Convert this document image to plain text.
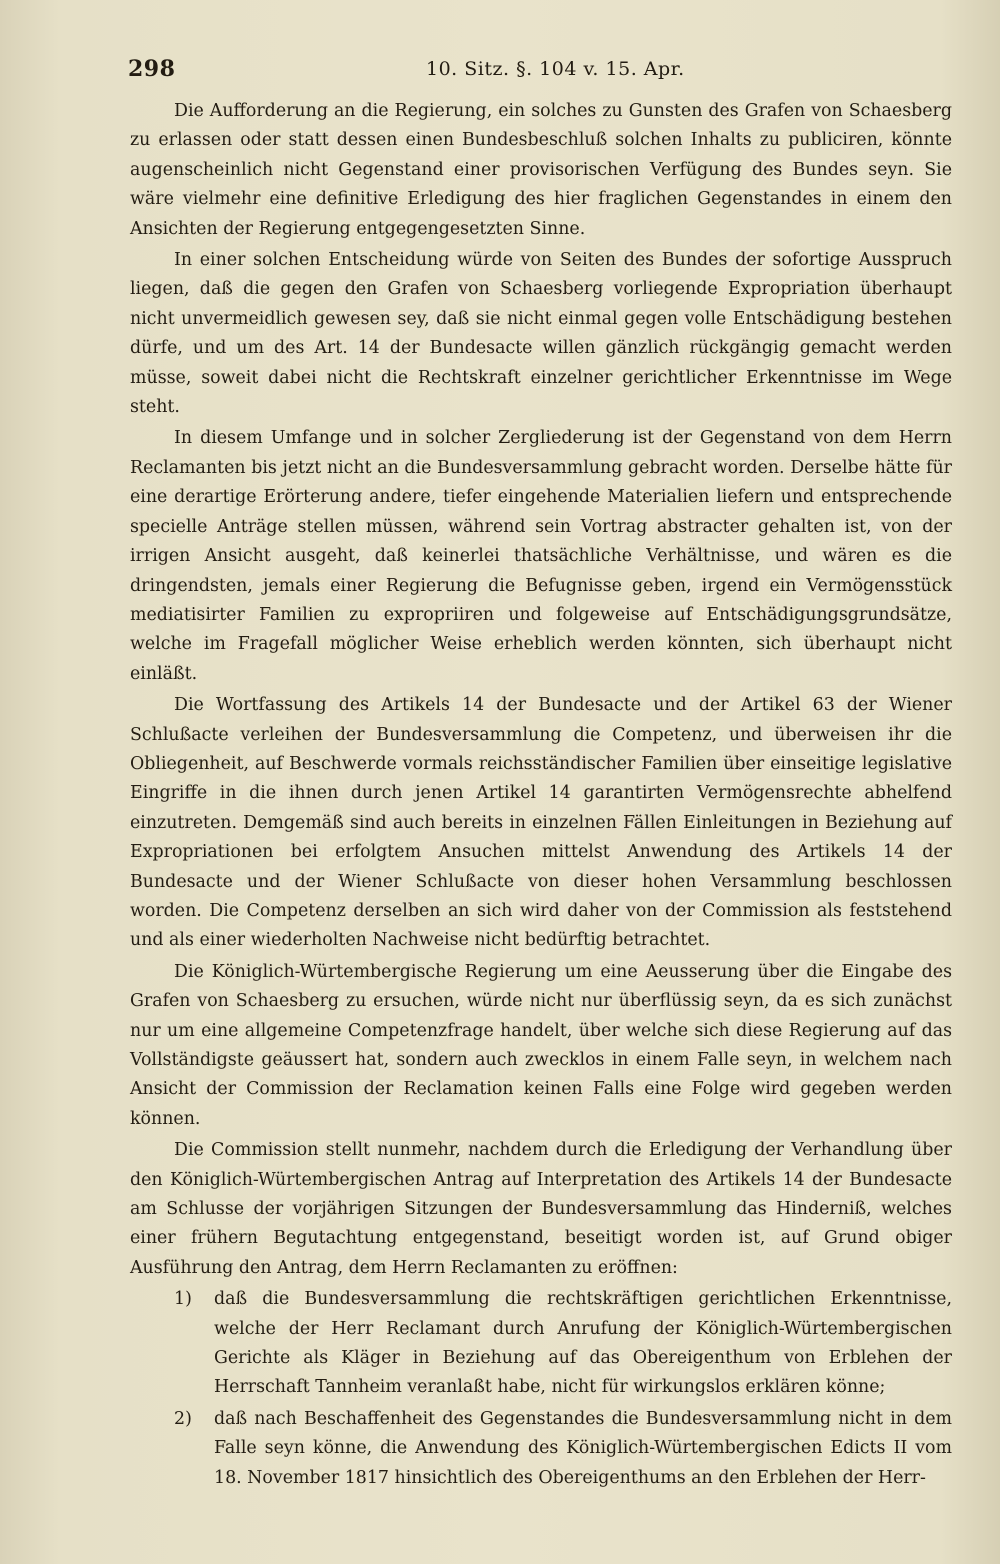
298	10. Sitz. §. 104 v. 15. Apr.

Die Aufforderung an die Regierung, ein solches zu Gunsten des Grafen von Schaesberg zu erlassen oder statt dessen einen Bundesbeschluß solchen Inhalts zu publiciren, könnte augenscheinlich nicht Gegenstand einer provisorischen Verfügung des Bundes seyn. Sie wäre vielmehr eine definitive Erledigung des hier fraglichen Gegenstandes in einem den Ansichten der Regierung entgegengesetzten Sinne.

In einer solchen Entscheidung würde von Seiten des Bundes der sofortige Ausspruch liegen, daß die gegen den Grafen von Schaesberg vorliegende Expropriation überhaupt nicht unvermeidlich gewesen sey, daß sie nicht einmal gegen volle Entschädigung bestehen dürfe, und um des Art. 14 der Bundesacte willen gänzlich rückgängig gemacht werden müsse, soweit dabei nicht die Rechtskraft einzelner gerichtlicher Erkenntnisse im Wege steht.

In diesem Umfange und in solcher Zergliederung ist der Gegenstand von dem Herrn Reclamanten bis jetzt nicht an die Bundesversammlung gebracht worden. Derselbe hätte für eine derartige Erörterung andere, tiefer eingehende Materialien liefern und entsprechende specielle Anträge stellen müssen, während sein Vortrag abstracter gehalten ist, von der irrigen Ansicht ausgeht, daß keinerlei thatsächliche Verhältnisse, und wären es die dringendsten, jemals einer Regierung die Befugnisse geben, irgend ein Vermögensstück mediatisirter Familien zu expropriiren und folgeweise auf Entschädigungsgrundsätze, welche im Fragefall möglicher Weise erheblich werden könnten, sich überhaupt nicht einläßt.

Die Wortfassung des Artikels 14 der Bundesacte und der Artikel 63 der Wiener Schlußacte verleihen der Bundesversammlung die Competenz, und überweisen ihr die Obliegenheit, auf Beschwerde vormals reichsständischer Familien über einseitige legislative Eingriffe in die ihnen durch jenen Artikel 14 garantirten Vermögensrechte abhelfend einzutreten. Demgemäß sind auch bereits in einzelnen Fällen Einleitungen in Beziehung auf Expropriationen bei erfolgtem Ansuchen mittelst Anwendung des Artikels 14 der Bundesacte und der Wiener Schlußacte von dieser hohen Versammlung beschlossen worden. Die Competenz derselben an sich wird daher von der Commission als feststehend und als einer wiederholten Nachweise nicht bedürftig betrachtet.

Die Königlich-Würtembergische Regierung um eine Aeusserung über die Eingabe des Grafen von Schaesberg zu ersuchen, würde nicht nur überflüssig seyn, da es sich zunächst nur um eine allgemeine Competenzfrage handelt, über welche sich diese Regierung auf das Vollständigste geäussert hat, sondern auch zwecklos in einem Falle seyn, in welchem nach Ansicht der Commission der Reclamation keinen Falls eine Folge wird gegeben werden können.

Die Commission stellt nunmehr, nachdem durch die Erledigung der Verhandlung über den Königlich-Würtembergischen Antrag auf Interpretation des Artikels 14 der Bundesacte am Schlusse der vorjährigen Sitzungen der Bundesversammlung das Hinderniß, welches einer frühern Begutachtung entgegenstand, beseitigt worden ist, auf Grund obiger Ausführung den Antrag, dem Herrn Reclamanten zu eröffnen:

1) daß die Bundesversammlung die rechtskräftigen gerichtlichen Erkenntnisse, welche der Herr Reclamant durch Anrufung der Königlich-Würtembergischen Gerichte als Kläger in Beziehung auf das Obereigenthum von Erblehen der Herrschaft Tannheim veranlaßt habe, nicht für wirkungslos erklären könne;
2) daß nach Beschaffenheit des Gegenstandes die Bundesversammlung nicht in dem Falle seyn könne, die Anwendung des Königlich-Würtembergischen Edicts II vom 18. November 1817 hinsichtlich des Obereigenthums an den Erblehen der Herr-
